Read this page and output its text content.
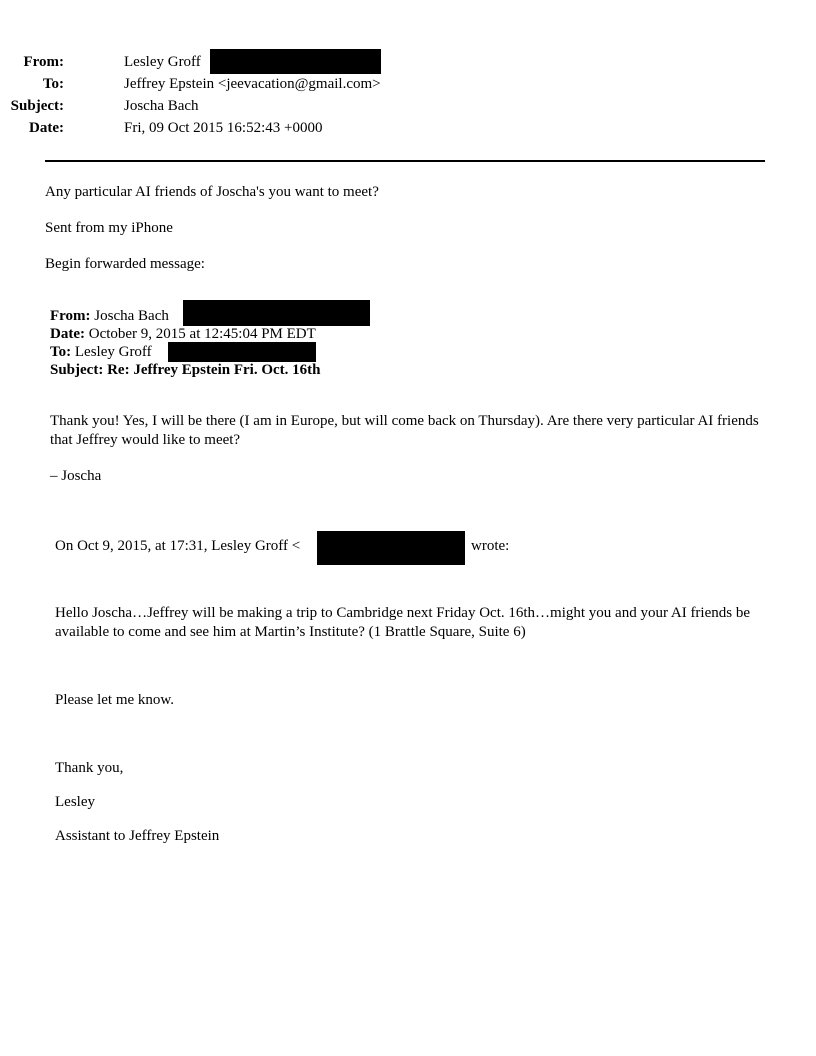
From:	Lesley Groff
To:	Jeffrey Epstein <jeevacation@gmail.com>
Subject:	Joscha Bach
Date:	Fri, 09 Oct 2015 16:52:43 +0000
Any particular AI friends of Joscha's you want to meet?
Sent from my iPhone
Begin forwarded message:
From: Joscha Bach
Date: October 9, 2015 at 12:45:04 PM EDT
To: Lesley Groff
Subject: Re: Jeffrey Epstein Fri. Oct. 16th
Thank you! Yes, I will be there (I am in Europe, but will come back on Thursday). Are there very particular AI friends that Jeffrey would like to meet?
– Joscha
On Oct 9, 2015, at 17:31, Lesley Groff <	wrote:
Hello Joscha…Jeffrey will be making a trip to Cambridge next Friday Oct. 16th…might you and your AI friends be available to come and see him at Martin’s Institute? (1 Brattle Square, Suite 6)
Please let me know.
Thank you,
Lesley
Assistant to Jeffrey Epstein
